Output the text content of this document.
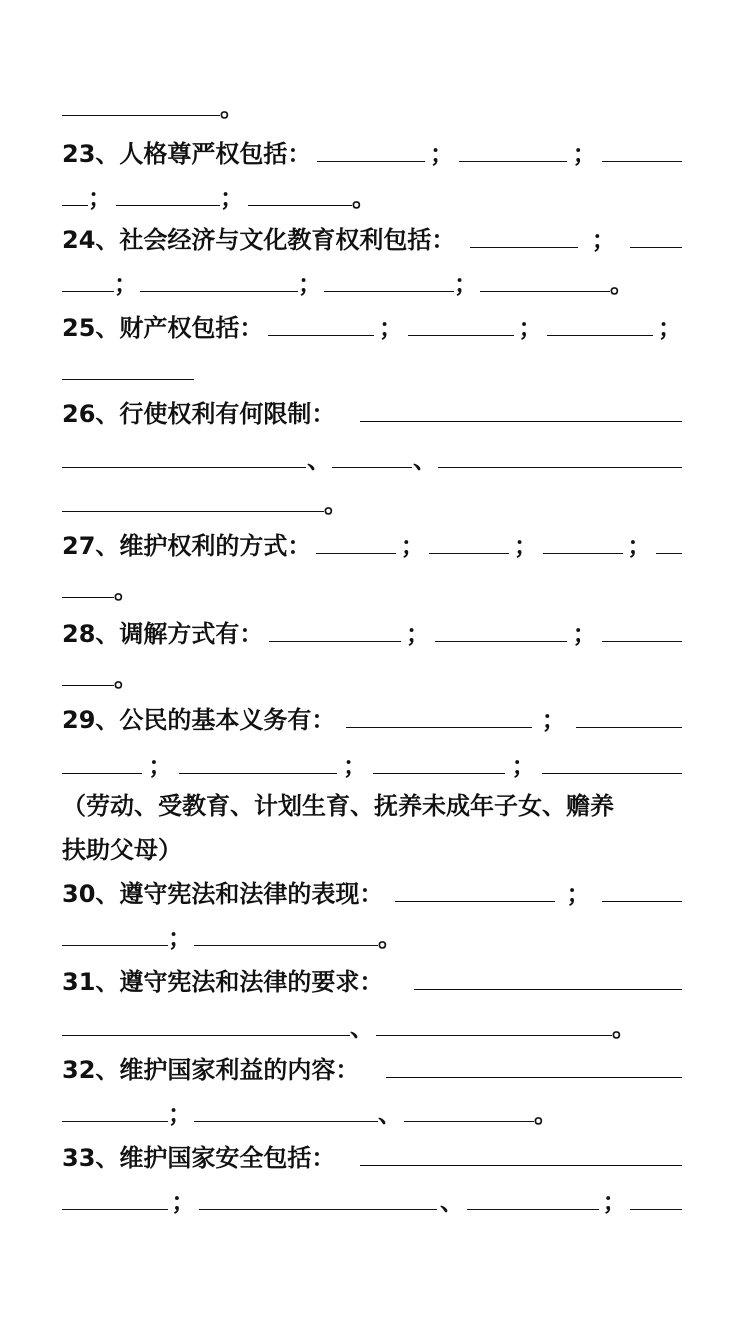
。
23、人格尊严权包括：	；	；
；	；	。
24、社会经济与文化教育权利包括：	；
；	；	；	。
25、财产权包括：	；	；	；
26、行使权利有何限制：
、	、
。
27、维护权利的方式：	；	；	；
。
28、调解方式有：	；	；
。
29、公民的基本义务有：	；
；	；	；
（劳动、受教育、计划生育、抚养未成年子女、赡养
扶助父母）
30、遵守宪法和法律的表现：	；
；	。
31、遵守宪法和法律的要求：
、	。
32、维护国家利益的内容：
；	、	。
33、维护国家安全包括：
；	、	；
